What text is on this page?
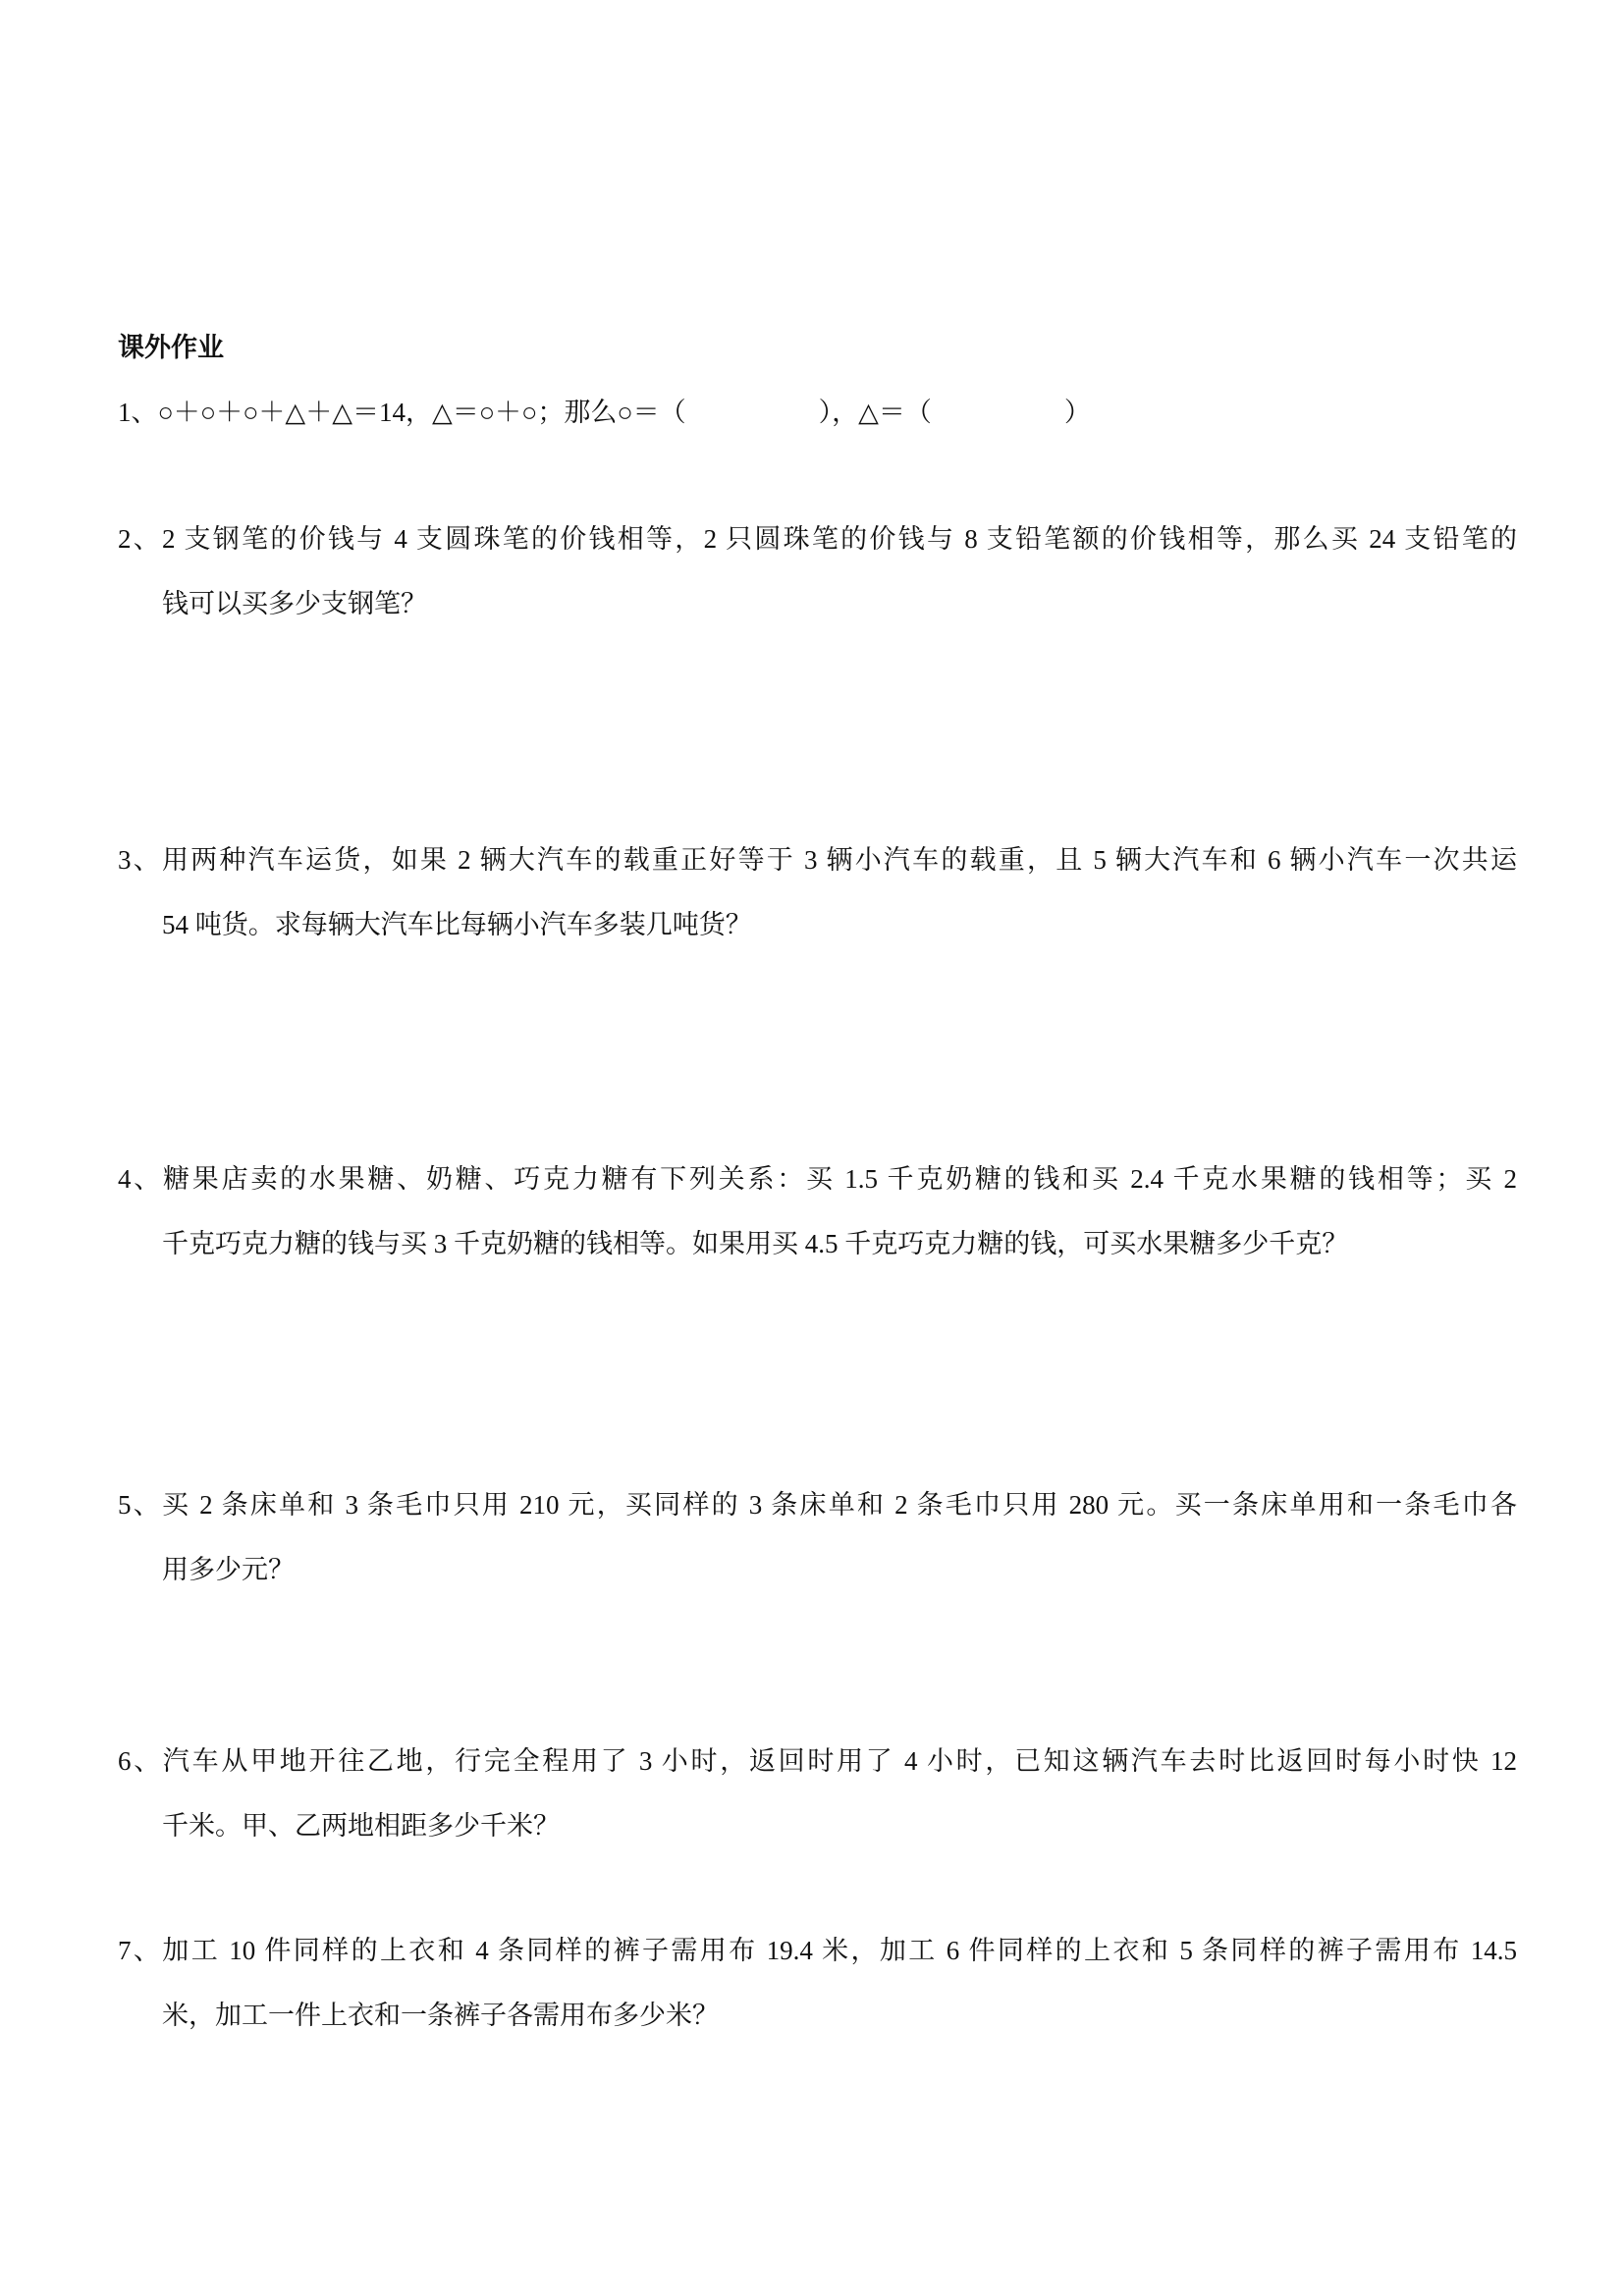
课外作业
1、○＋○＋○＋△＋△＝14，△＝○＋○；那么○＝（　　　　　），△＝（　　　　　）
2、2 支钢笔的价钱与 4 支圆珠笔的价钱相等，2 只圆珠笔的价钱与 8 支铅笔额的价钱相等，那么买 24 支铅笔的
钱可以买多少支钢笔？
3、用两种汽车运货，如果 2 辆大汽车的载重正好等于 3 辆小汽车的载重，且 5 辆大汽车和 6 辆小汽车一次共运
54 吨货。求每辆大汽车比每辆小汽车多装几吨货？
4、糖果店卖的水果糖、奶糖、巧克力糖有下列关系：买 1.5 千克奶糖的钱和买 2.4 千克水果糖的钱相等；买 2
千克巧克力糖的钱与买 3 千克奶糖的钱相等。如果用买 4.5 千克巧克力糖的钱，可买水果糖多少千克？
5、买 2 条床单和 3 条毛巾只用 210 元，买同样的 3 条床单和 2 条毛巾只用 280 元。买一条床单用和一条毛巾各
用多少元？
6、汽车从甲地开往乙地，行完全程用了 3 小时，返回时用了 4 小时，已知这辆汽车去时比返回时每小时快 12
千米。甲、乙两地相距多少千米？
7、加工 10 件同样的上衣和 4 条同样的裤子需用布 19.4 米，加工 6 件同样的上衣和 5 条同样的裤子需用布 14.5
米，加工一件上衣和一条裤子各需用布多少米？
